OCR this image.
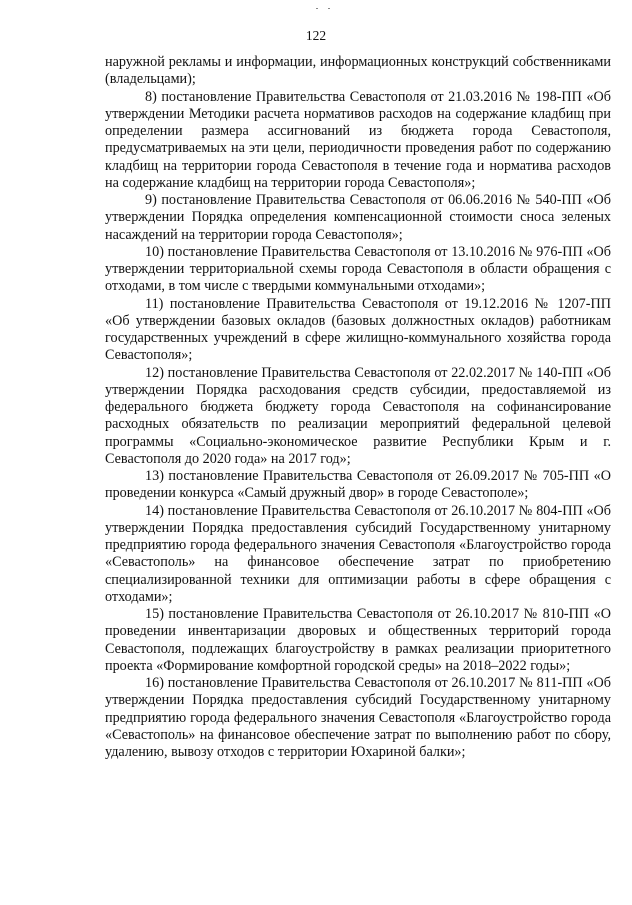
122

наружной рекламы и информации, информационных конструкций собственниками (владельцами);

8) постановление Правительства Севастополя от 21.03.2016 № 198-ПП «Об утверждении Методики расчета нормативов расходов на содержание кладбищ при определении размера ассигнований из бюджета города Севастополя, предусматриваемых на эти цели, периодичности проведения работ по содержанию кладбищ на территории города Севастополя в течение года и норматива расходов на содержание кладбищ на территории города Севастополя»;

9) постановление Правительства Севастополя от 06.06.2016 № 540-ПП «Об утверждении Порядка определения компенсационной стоимости сноса зеленых насаждений на территории города Севастополя»;

10) постановление Правительства Севастополя от 13.10.2016 № 976-ПП «Об утверждении территориальной схемы города Севастополя в области обращения с отходами, в том числе с твердыми коммунальными отходами»;

11) постановление Правительства Севастополя от 19.12.2016 № 1207-ПП «Об утверждении базовых окладов (базовых должностных окладов) работникам государственных учреждений в сфере жилищно-коммунального хозяйства города Севастополя»;

12) постановление Правительства Севастополя от 22.02.2017 № 140-ПП «Об утверждении Порядка расходования средств субсидии, предоставляемой из федерального бюджета бюджету города Севастополя на софинансирование расходных обязательств по реализации мероприятий федеральной целевой программы «Социально-экономическое развитие Республики Крым и г. Севастополя до 2020 года» на 2017 год»;

13) постановление Правительства Севастополя от 26.09.2017 № 705-ПП «О проведении конкурса «Самый дружный двор» в городе Севастополе»;

14) постановление Правительства Севастополя от 26.10.2017 № 804-ПП «Об утверждении Порядка предоставления субсидий Государственному унитарному предприятию города федерального значения Севастополя «Благоустройство города «Севастополь» на финансовое обеспечение затрат по приобретению специализированной техники для оптимизации работы в сфере обращения с отходами»;

15) постановление Правительства Севастополя от 26.10.2017 № 810-ПП «О проведении инвентаризации дворовых и общественных территорий города Севастополя, подлежащих благоустройству в рамках реализации приоритетного проекта «Формирование комфортной городской среды» на 2018–2022 годы»;

16) постановление Правительства Севастополя от 26.10.2017 № 811-ПП «Об утверждении Порядка предоставления субсидий Государственному унитарному предприятию города федерального значения Севастополя «Благоустройство города «Севастополь» на финансовое обеспечение затрат по выполнению работ по сбору, удалению, вывозу отходов с территории Юхариной балки»;
